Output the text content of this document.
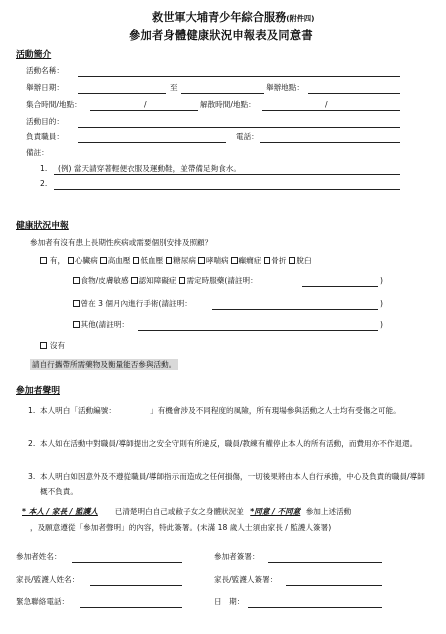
救世軍大埔青少年綜合服務(附件四)
參加者身體健康狀況申報表及同意書
活動簡介
活動名稱：
舉辦日期：	至	舉辦地點：
集合時間/地點：	/	解散時間/地點：	/
活動目的：
負責職員：	電話：
備註：
1. (例) 當天請穿著輕便衣服及運動鞋，並帶備足夠食水。
2.
健康狀況申報
參加者有沒有患上長期性疾病或需要個別安排及照顧？
有， 心臟病 高血壓 低血壓 糖尿病 哮喘病 癲癇症 骨折 脫臼
食物/皮膚敏感 認知障礙症 需定時服藥(請註明：	)
曾在 3 個月內進行手術(請註明：	)
其他(請註明：	)
沒有
請自行攜帶所需藥物及衡量能否參與活動。
參加者聲明
1. 本人明白「活動編號：　　　　　」有機會涉及不同程度的風險，所有現場參與活動之人士均有受傷之可能。
2. 本人如在活動中對職員/導師提出之安全守則有所違反，職員/教練有權停止本人的所有活動，而費用亦不作退還。
3. 本人明白如因意外及不遵從職員/導師指示而造成之任何損傷，一切後果將由本人自行承擔，中心及負責的職員/導師概不負責。
* 本人 / 家長 / 監護人 已清楚明白自己或敝子女之身體狀況並 *同意 / 不同意 參加上述活動
，及願意遵從「參加者聲明」的內容，特此簽署。(未滿 18 歲人士須由家長 / 監護人簽署)
參加者姓名：	參加者簽署：
家長/監護人姓名：	家長/監護人簽署：
緊急聯絡電話：	日　期：
